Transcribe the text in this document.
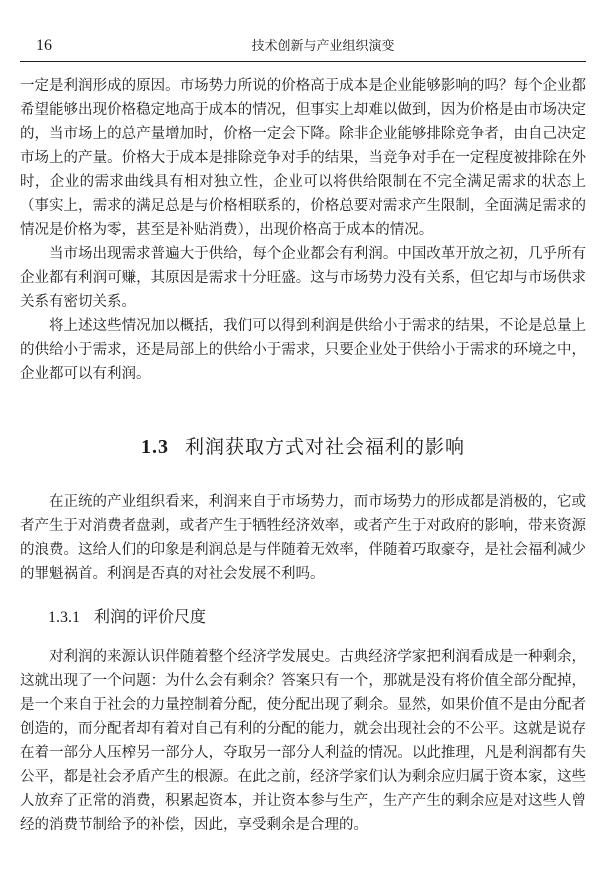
16	技术创新与产业组织演变

一定是利润形成的原因。市场势力所说的价格高于成本是企业能够影响的吗？每个企业都希望能够出现价格稳定地高于成本的情况，但事实上却难以做到，因为价格是由市场决定的，当市场上的总产量增加时，价格一定会下降。除非企业能够排除竞争者，由自己决定市场上的产量。价格大于成本是排除竞争对手的结果，当竞争对手在一定程度被排除在外时，企业的需求曲线具有相对独立性，企业可以将供给限制在不完全满足需求的状态上（事实上，需求的满足总是与价格相联系的，价格总要对需求产生限制，全面满足需求的情况是价格为零，甚至是补贴消费），出现价格高于成本的情况。

当市场出现需求普遍大于供给，每个企业都会有利润。中国改革开放之初，几乎所有企业都有利润可赚，其原因是需求十分旺盛。这与市场势力没有关系，但它却与市场供求关系有密切关系。

将上述这些情况加以概括，我们可以得到利润是供给小于需求的结果，不论是总量上的供给小于需求，还是局部上的供给小于需求，只要企业处于供给小于需求的环境之中，企业都可以有利润。

1.3 利润获取方式对社会福利的影响

在正统的产业组织看来，利润来自于市场势力，而市场势力的形成都是消极的，它或者产生于对消费者盘剥，或者产生于牺牲经济效率，或者产生于对政府的影响，带来资源的浪费。这给人们的印象是利润总是与伴随着无效率，伴随着巧取豪夺，是社会福利减少的罪魁祸首。利润是否真的对社会发展不利吗。

1.3.1 利润的评价尺度

对利润的来源认识伴随着整个经济学发展史。古典经济学家把利润看成是一种剩余，这就出现了一个问题：为什么会有剩余？答案只有一个，那就是没有将价值全部分配掉，是一个来自于社会的力量控制着分配，使分配出现了剩余。显然，如果价值不是由分配者创造的，而分配者却有着对自己有利的分配的能力，就会出现社会的不公平。这就是说存在着一部分人压榨另一部分人，夺取另一部分人利益的情况。以此推理，凡是利润都有失公平，都是社会矛盾产生的根源。在此之前，经济学家们认为剩余应归属于资本家，这些人放弃了正常的消费，积累起资本，并让资本参与生产，生产产生的剩余应是对这些人曾经的消费节制给予的补偿，因此，享受剩余是合理的。
